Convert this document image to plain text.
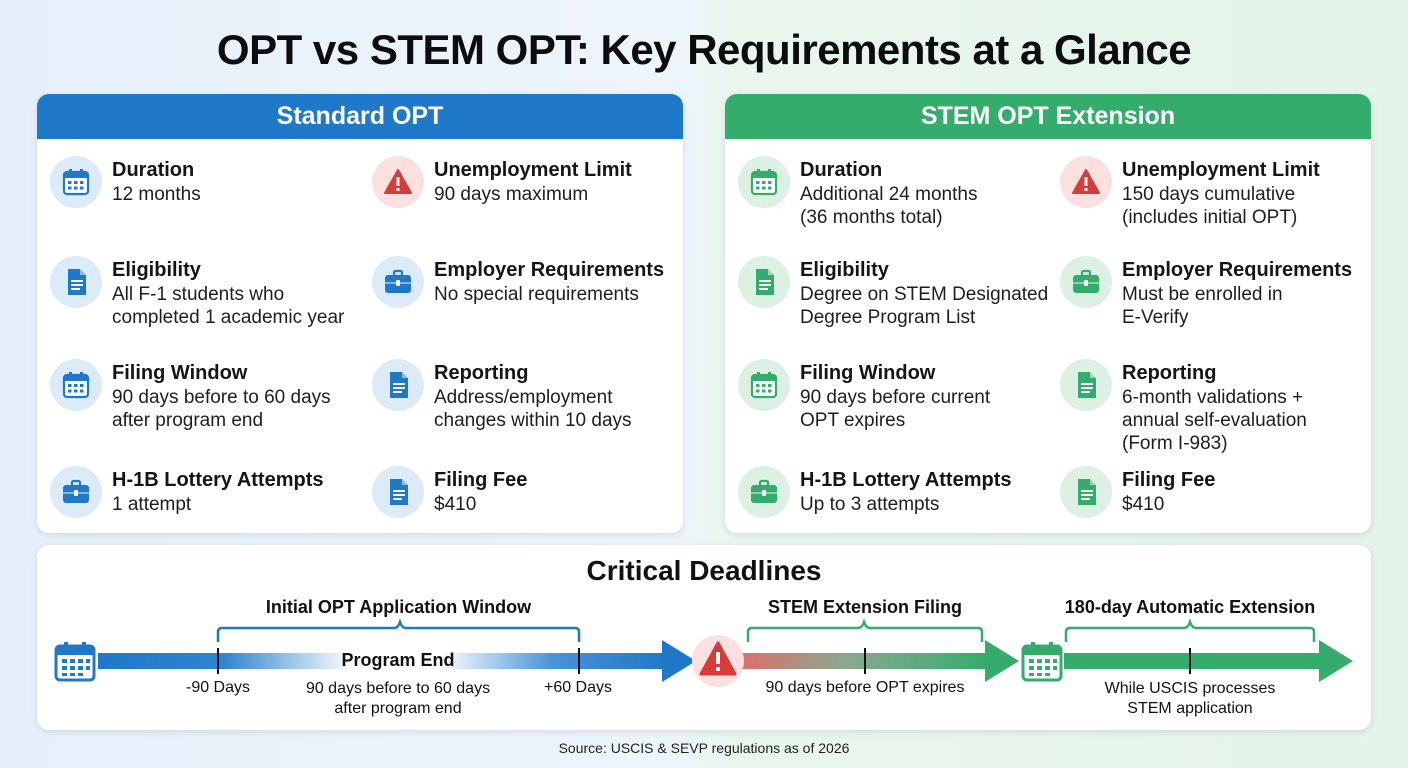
OPT vs STEM OPT: Key Requirements at a Glance
Standard OPT
Duration
12 months
Unemployment Limit
90 days maximum
Eligibility
All F-1 students who
completed 1 academic year
Employer Requirements
No special requirements
Filing Window
90 days before to 60 days
after program end
Reporting
Address/employment
changes within 10 days
H-1B Lottery Attempts
1 attempt
Filing Fee
$410
STEM OPT Extension
Duration
Additional 24 months
(36 months total)
Unemployment Limit
150 days cumulative
(includes initial OPT)
Eligibility
Degree on STEM Designated
Degree Program List
Employer Requirements
Must be enrolled in
E-Verify
Filing Window
90 days before current
OPT expires
Reporting
6-month validations +
annual self-evaluation
(Form I-983)
H-1B Lottery Attempts
Up to 3 attempts
Filing Fee
$410
Critical Deadlines
Initial OPT Application Window	STEM Extension Filing	180-day Automatic Extension
Program End
-90 Days	90 days before to 60 days
after program end
+60 Days	90 days before OPT expires	While USCIS processes
STEM application
Source: USCIS & SEVP regulations as of 2026
